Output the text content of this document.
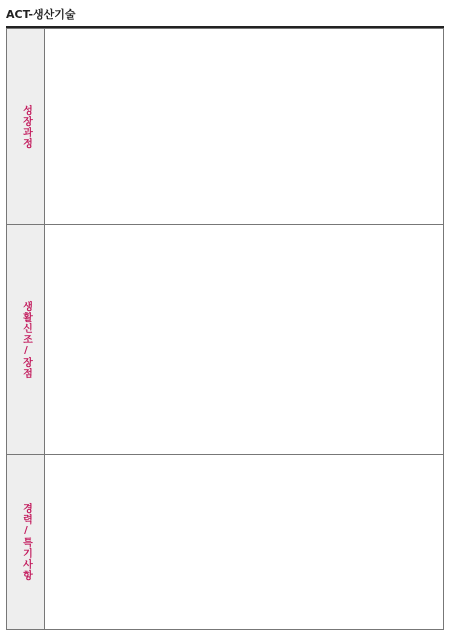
ACT-생산기술
성장과정

생활신조/장점

경력/특기사항
